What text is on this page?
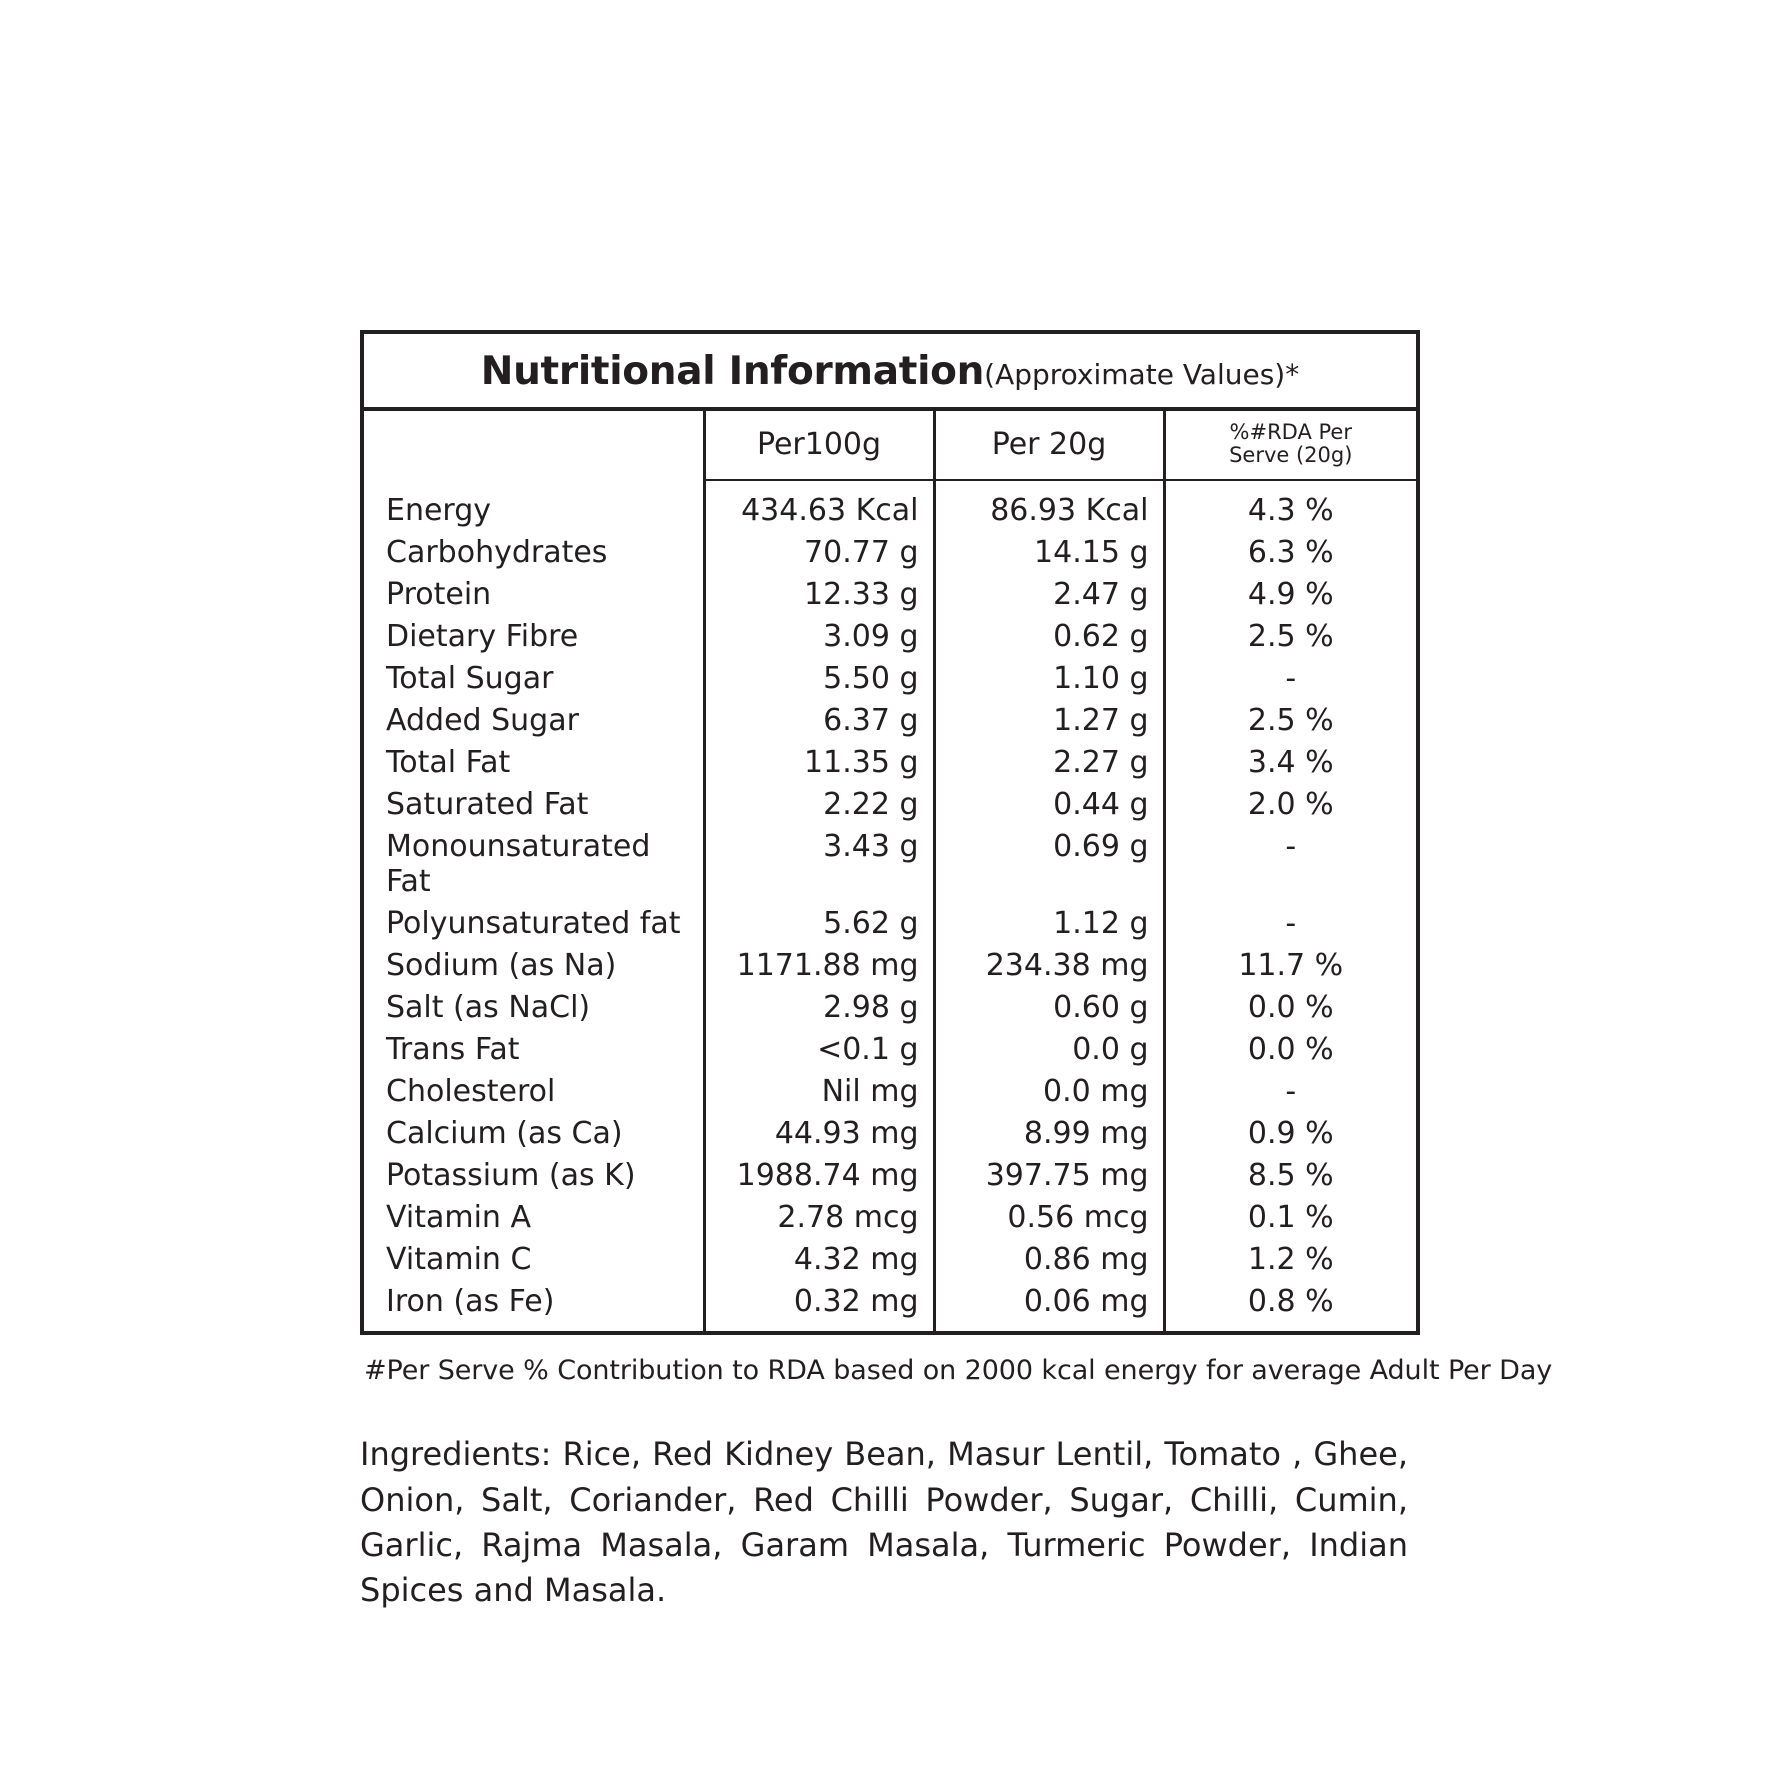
Nutritional Information(Approximate Values)*
	Per100g	Per 20g	%#RDA Per
Serve (20g)
Energy	434.63 Kcal	86.93 Kcal	4.3 %
Carbohydrates	70.77 g	14.15 g	6.3 %
Protein	12.33 g	2.47 g	4.9 %
Dietary Fibre	3.09 g	0.62 g	2.5 %
Total Sugar	5.50 g	1.10 g	-
Added Sugar	6.37 g	1.27 g	2.5 %
Total Fat	11.35 g	2.27 g	3.4 %
Saturated Fat	2.22 g	0.44 g	2.0 %
Monounsaturated Fat	3.43 g	0.69 g	-
Polyunsaturated fat	5.62 g	1.12 g	-
Sodium (as Na)	1171.88 mg	234.38 mg	11.7 %
Salt (as NaCl)	2.98 g	0.60 g	0.0 %
Trans Fat	<0.1 g	0.0 g	0.0 %
Cholesterol	Nil mg	0.0 mg	-
Calcium (as Ca)	44.93 mg	8.99 mg	0.9 %
Potassium (as K)	1988.74 mg	397.75 mg	8.5 %
Vitamin A	2.78 mcg	0.56 mcg	0.1 %
Vitamin C	4.32 mg	0.86 mg	1.2 %
Iron (as Fe)	0.32 mg	0.06 mg	0.8 %
#Per Serve % Contribution to RDA based on 2000 kcal energy for average Adult Per Day
Ingredients: Rice, Red Kidney Bean, Masur Lentil, Tomato , Ghee, Onion, Salt, Coriander, Red Chilli Powder, Sugar, Chilli, Cumin, Garlic, Rajma Masala, Garam Masala, Turmeric Powder, Indian Spices and Masala.
